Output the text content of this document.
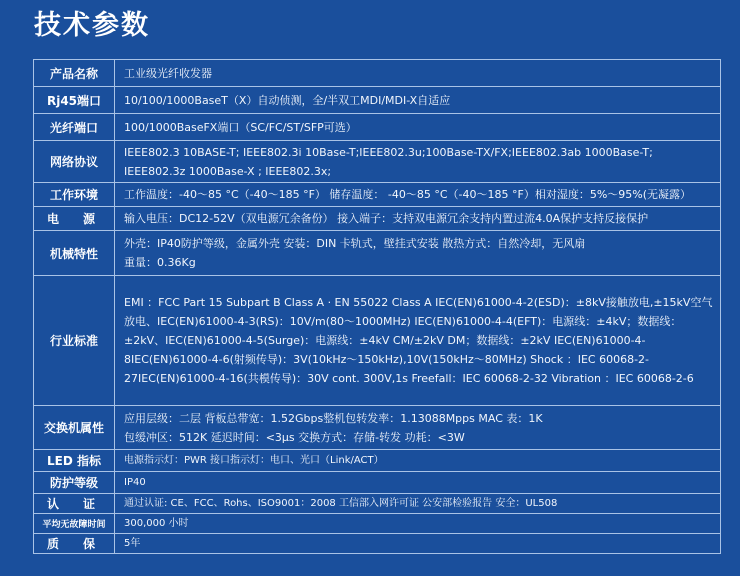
技术参数
产品名称	工业级光纤收发器

Rj45端口	10/100/1000BaseT（X）自动侦测，全/半双工MDI/MDI-X自适应

光纤端口	100/1000BaseFX端口（SC/FC/ST/SFP可选）

网络协议	IEEE802.3 10BASE-T; IEEE802.3i 10Base-T;IEEE802.3u;100Base-TX/FX;IEEE802.3ab 1000Base-T;
IEEE802.3z 1000Base-X ; IEEE802.3x;

工作环境	工作温度：-40～85 °C（-40～185 °F） 储存温度： -40～85 °C（-40～185 °F）相对湿度：5%～95%(无凝露）

电　源	输入电压：DC12-52V（双电源冗余备份） 接入端子：支持双电源冗余支持内置过流4.0A保护支持反接保护

机械特性	外壳：IP40防护等级，金属外壳 安装：DIN 卡轨式，壁挂式安装 散热方式：自然冷却，无风扇
重量：0.36Kg

行业标准	EMI ：FCC Part 15 Subpart B Class A · EN 55022 Class A IEC(EN)61000-4-2(ESD)：±8kV接触放电,±15kV空气放电、IEC(EN)61000-4-3(RS)：10V/m(80～1000MHz) IEC(EN)61000-4-4(EFT)：电源线：±4kV；数据线：±2kV、IEC(EN)61000-4-5(Surge)：电源线：±4kV CM/±2kV DM；数据线：±2kV IEC(EN)61000-4-8IEC(EN)61000-4-6(射频传导)：3V(10kHz～150kHz),10V(150kHz～80MHz) Shock ：IEC 60068-2-27IEC(EN)61000-4-16(共模传导)：30V cont. 300V,1s Freefall：IEC 60068-2-32 Vibration ：IEC 60068-2-6

交换机属性	应用层级：二层 背板总带宽：1.52Gbps整机包转发率：1.13088Mpps MAC 表：1K
包缓冲区：512K 延迟时间：<3μs 交换方式：存储-转发 功耗：<3W

LED 指标	电源指示灯：PWR 接口指示灯：电口、光口（Link/ACT）

防护等级	IP40

认　证	通过认证: CE、FCC、Rohs、ISO9001：2008 工信部入网许可证 公安部检验报告 安全：UL508

平均无故障时间	300,000 小时

质　保	5年
